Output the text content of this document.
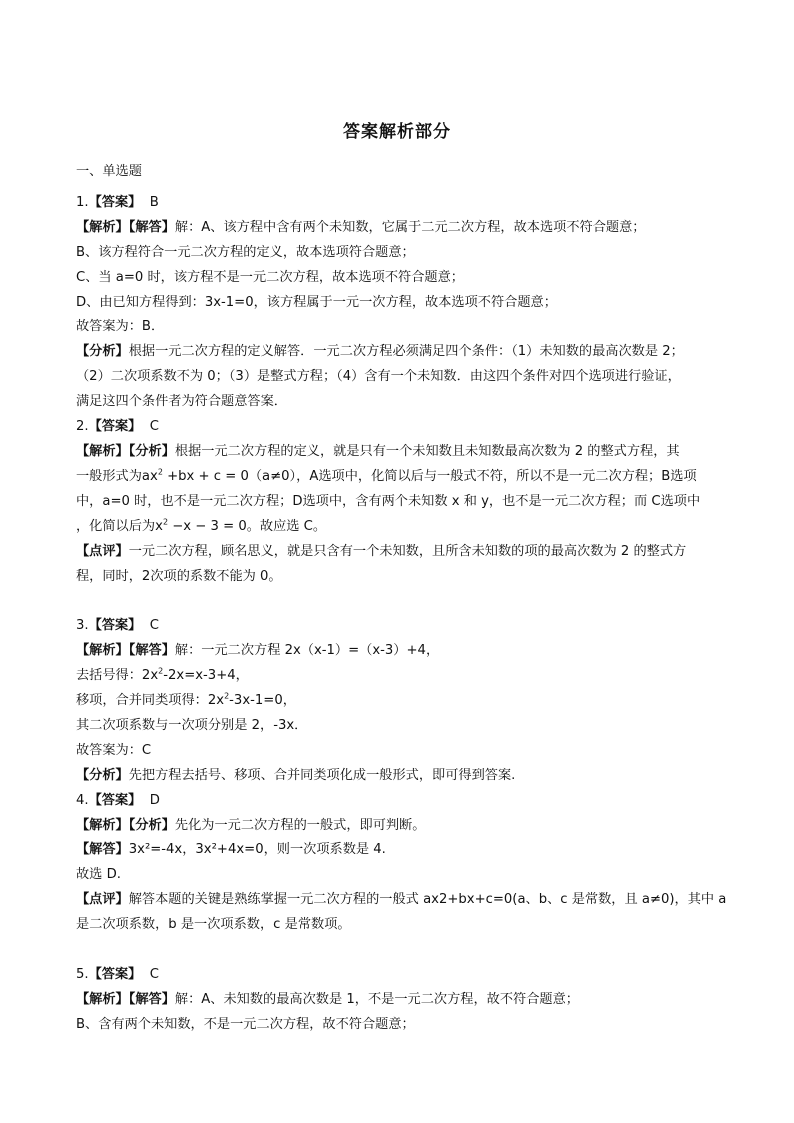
答案解析部分
一、单选题
1.【答案】 B
【解析】【解答】解：A、该方程中含有两个未知数，它属于二元二次方程，故本选项不符合题意；
B、该方程符合一元二次方程的定义，故本选项符合题意；
C、当 a=0 时，该方程不是一元二次方程，故本选项不符合题意；
D、由已知方程得到：3x-1=0，该方程属于一元一次方程，故本选项不符合题意；
故答案为：B．
【分析】根据一元二次方程的定义解答．一元二次方程必须满足四个条件：（1）未知数的最高次数是 2；
（2）二次项系数不为 0；（3）是整式方程；（4）含有一个未知数．由这四个条件对四个选项进行验证，
满足这四个条件者为符合题意答案．
2.【答案】 C
【解析】【分析】根据一元二次方程的定义，就是只有一个未知数且未知数最高次数为 2 的整式方程，其
一般形式为$ax^2 +bx + c = 0(a\ne 0)$，A选项中，化简以后与一般式不符，所以不是一元二次方程；B选项
中，a=0 时，也不是一元二次方程；D选项中，含有两个未知数 x 和 y，也不是一元二次方程；而 C选项中
，化简以后为$x^2 -x - 3 = 0$。故应选 C。
【点评】一元二次方程，顾名思义，就是只含有一个未知数，且所含未知数的项的最高次数为 2 的整式方
程，同时，2次项的系数不能为 0。
3.【答案】 C
【解析】【解答】解：一元二次方程 2x（x-1）=（x-3）+4，
去括号得：$2x^2-2x=x-3+4$，
移项，合并同类项得：$2x^2-3x-1=0$，
其二次项系数与一次项分别是 2，-3x．
故答案为：C
【分析】先把方程去括号、移项、合并同类项化成一般形式，即可得到答案.
4.【答案】 D
【解析】【分析】先化为一元二次方程的一般式，即可判断。
【解答】3x²=-4x，3x²+4x=0，则一次项系数是 4.
故选 D.
【点评】解答本题的关键是熟练掌握一元二次方程的一般式 ax2+bx+c=0(a、b、c 是常数，且 a≠0)，其中 a
是二次项系数，b 是一次项系数，c 是常数项。
5.【答案】 C
【解析】【解答】解：A、未知数的最高次数是 1，不是一元二次方程，故不符合题意；
B、含有两个未知数，不是一元二次方程，故不符合题意；
